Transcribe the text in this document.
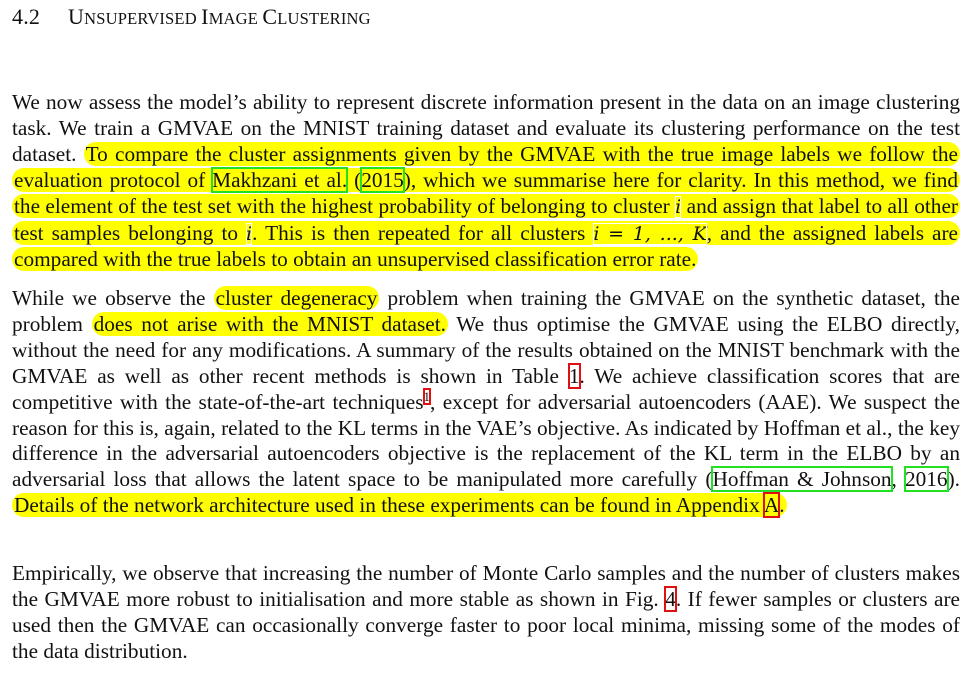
4.2 UNSUPERVISED IMAGE CLUSTERING
We now assess the model’s ability to represent discrete information present in the data on an image clustering task. We train a GMVAE on the MNIST training dataset and evaluate its clustering performance on the test dataset. To compare the cluster assignments given by the GMVAE with the true image labels we follow the evaluation protocol of Makhzani et al. (2015), which we summarise here for clarity. In this method, we find the element of the test set with the highest probability of belonging to cluster i and assign that label to all other test samples belonging to i. This is then repeated for all clusters i = 1, ..., K, and the assigned labels are compared with the true labels to obtain an unsupervised classification error rate.
While we observe the cluster degeneracy problem when training the GMVAE on the synthetic dataset, the problem does not arise with the MNIST dataset. We thus optimise the GMVAE using the ELBO directly, without the need for any modifications. A summary of the results obtained on the MNIST benchmark with the GMVAE as well as other recent methods is shown in Table 1. We achieve classification scores that are competitive with the state-of-the-art techniques$^1$, except for adversarial autoencoders (AAE). We suspect the reason for this is, again, related to the KL terms in the VAE’s objective. As indicated by Hoffman et al., the key difference in the adversarial autoencoders objective is the replacement of the KL term in the ELBO by an adversarial loss that allows the latent space to be manipulated more carefully (Hoffman & Johnson, 2016). Details of the network architecture used in these experiments can be found in Appendix A.
Empirically, we observe that increasing the number of Monte Carlo samples and the number of clusters makes the GMVAE more robust to initialisation and more stable as shown in Fig. 4. If fewer samples or clusters are used then the GMVAE can occasionally converge faster to poor local minima, missing some of the modes of the data distribution.
